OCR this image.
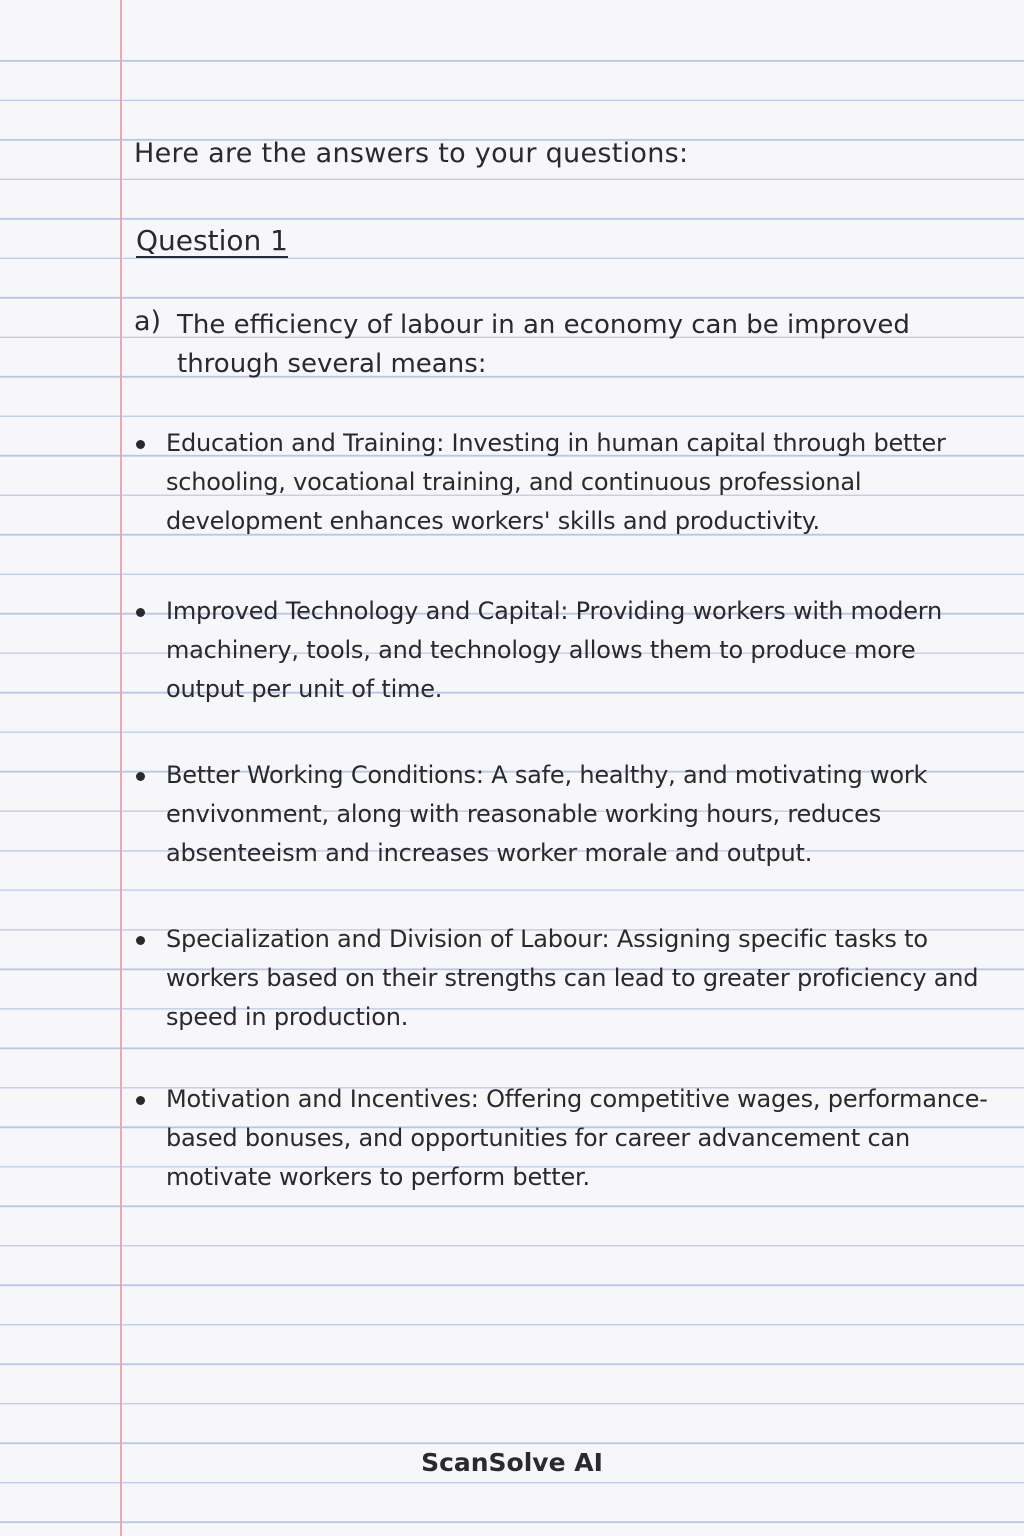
Here are the answers to your questions:
Question 1
a) The efficiency of labour in an economy can be improved through several means:
Education and Training: Investing in human capital through better schooling, vocational training, and continuous professional development enhances workers' skills and productivity.
Improved Technology and Capital: Providing workers with modern machinery, tools, and technology allows them to produce more output per unit of time.
Better Working Conditions: A safe, healthy, and motivating work envivonment, along with reasonable working hours, reduces absenteeism and increases worker morale and output.
Specialization and Division of Labour: Assigning specific tasks to workers based on their strengths can lead to greater proficiency and speed in production.
Motivation and Incentives: Offering competitive wages, performance-based bonuses, and opportunities for career advancement can motivate workers to perform better.
ScanSolve AI
